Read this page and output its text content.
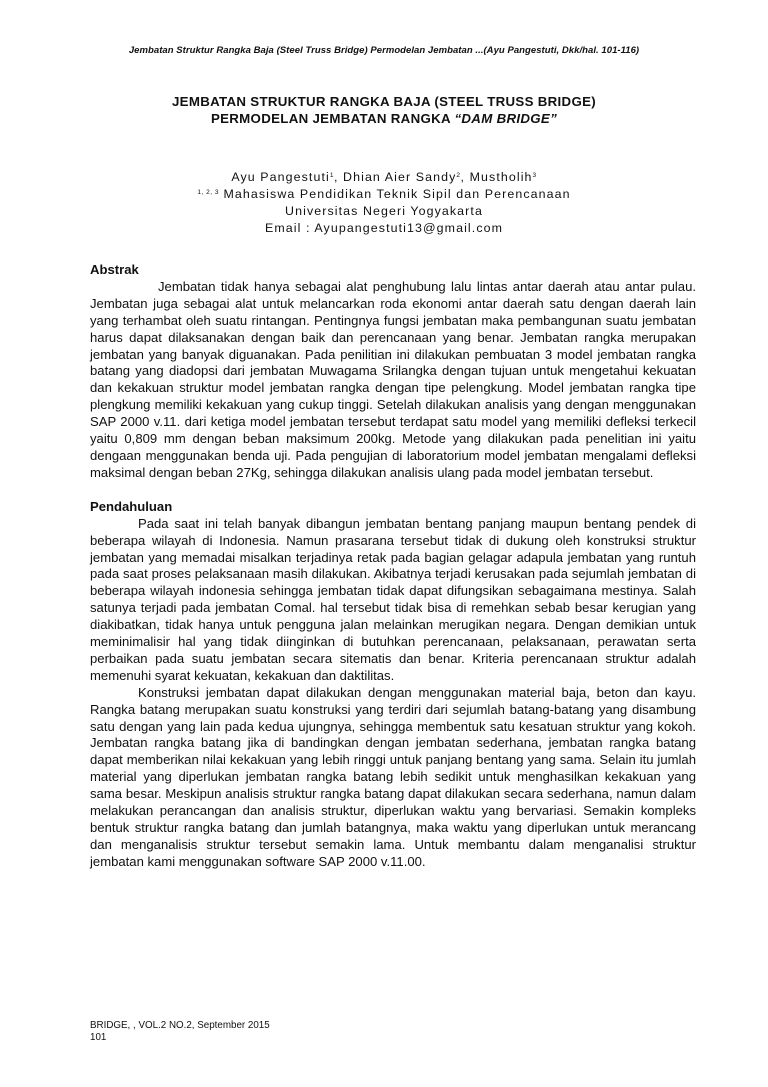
Jembatan Struktur Rangka Baja (Steel Truss Bridge) Permodelan Jembatan ...(Ayu Pangestuti, Dkk/hal. 101-116)
JEMBATAN STRUKTUR RANGKA BAJA (STEEL TRUSS BRIDGE)
PERMODELAN JEMBATAN RANGKA “DAM BRIDGE”
Ayu Pangestuti$^1$, Dhian Aier Sandy$^2$, Mustholih$^3$
$^{1, 2, 3}$ Mahasiswa Pendidikan Teknik Sipil dan Perencanaan
Universitas Negeri Yogyakarta
Email : Ayupangestuti13@gmail.com
Abstrak

Jembatan tidak hanya sebagai alat penghubung lalu lintas antar daerah atau antar pulau. Jembatan juga sebagai alat untuk melancarkan roda ekonomi antar daerah satu dengan daerah lain yang terhambat oleh suatu rintangan. Pentingnya fungsi jembatan maka pembangunan suatu jembatan harus dapat dilaksanakan dengan baik dan perencanaan yang benar. Jembatan rangka merupakan jembatan yang banyak diguanakan. Pada penilitian ini dilakukan pembuatan 3 model jembatan rangka batang yang diadopsi dari jembatan Muwagama Srilangka dengan tujuan untuk mengetahui kekuatan dan kekakuan struktur model jembatan rangka dengan tipe pelengkung. Model jembatan rangka tipe plengkung memiliki kekakuan yang cukup tinggi. Setelah dilakukan analisis yang dengan menggunakan SAP 2000 v.11. dari ketiga model jembatan tersebut terdapat satu model yang memiliki defleksi terkecil yaitu 0,809 mm dengan beban maksimum 200kg. Metode yang dilakukan pada penelitian ini yaitu dengaan menggunakan benda uji. Pada pengujian di laboratorium model jembatan mengalami defleksi maksimal dengan beban 27Kg, sehingga dilakukan analisis ulang pada model jembatan tersebut.

Pendahuluan

Pada saat ini telah banyak dibangun jembatan bentang panjang maupun bentang pendek di beberapa wilayah di Indonesia. Namun prasarana tersebut tidak di dukung oleh konstruksi struktur jembatan yang memadai misalkan terjadinya retak pada bagian gelagar adapula jembatan yang runtuh pada saat proses pelaksanaan masih dilakukan. Akibatnya terjadi kerusakan pada sejumlah jembatan di beberapa wilayah indonesia sehingga jembatan tidak dapat difungsikan sebagaimana mestinya. Salah satunya terjadi pada jembatan Comal. hal tersebut tidak bisa di remehkan sebab besar kerugian yang diakibatkan, tidak hanya untuk pengguna jalan melainkan merugikan negara. Dengan demikian untuk meminimalisir hal yang tidak diinginkan di butuhkan perencanaan, pelaksanaan, perawatan serta perbaikan pada suatu jembatan secara sitematis dan benar. Kriteria perencanaan struktur adalah memenuhi syarat kekuatan, kekakuan dan daktilitas.

Konstruksi jembatan dapat dilakukan dengan menggunakan material baja, beton dan kayu. Rangka batang merupakan suatu konstruksi yang terdiri dari sejumlah batang-batang yang disambung satu dengan yang lain pada kedua ujungnya, sehingga membentuk satu kesatuan struktur yang kokoh. Jembatan rangka batang jika di bandingkan dengan jembatan sederhana, jembatan rangka batang dapat memberikan nilai kekakuan yang lebih ringgi untuk panjang bentang yang sama. Selain itu jumlah material yang diperlukan jembatan rangka batang lebih sedikit untuk menghasilkan kekakuan yang sama besar. Meskipun analisis struktur rangka batang dapat dilakukan secara sederhana, namun dalam melakukan perancangan dan analisis struktur, diperlukan waktu yang bervariasi. Semakin kompleks bentuk struktur rangka batang dan jumlah batangnya, maka waktu yang diperlukan untuk merancang dan menganalisis struktur tersebut semakin lama. Untuk membantu dalam menganalisi struktur jembatan kami menggunakan software SAP 2000 v.11.00.

BRIDGE, , VOL.2 NO.2, September 2015
101
